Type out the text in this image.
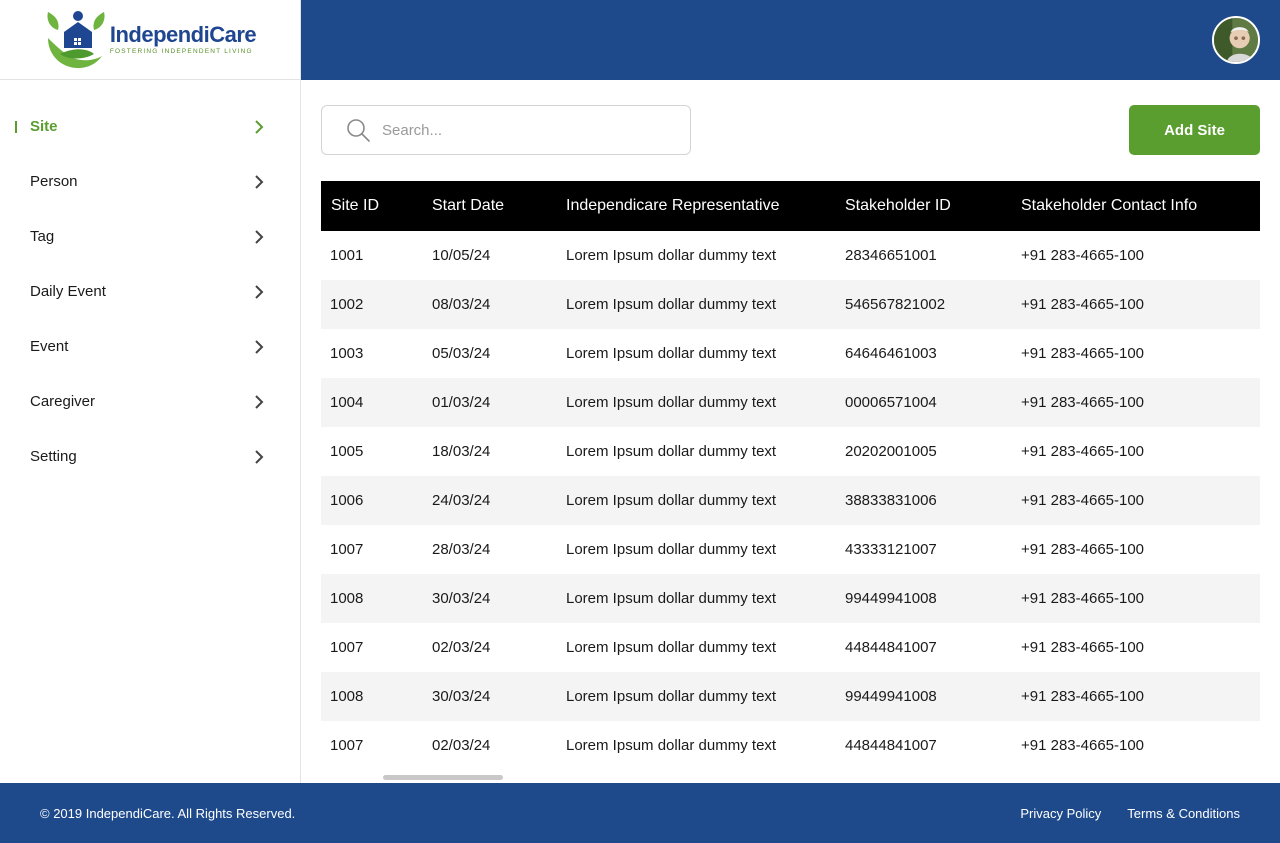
IndependiCare
FOSTERING INDEPENDENT LIVING
Site
Person
Tag
Daily Event
Event
Caregiver
Setting
Search...
Add Site
Site ID	Start Date	Independicare Representative	Stakeholder ID	Stakeholder Contact Info
1001	10/05/24	Lorem Ipsum dollar dummy text	28346651001	+91 283-4665-100
1002	08/03/24	Lorem Ipsum dollar dummy text	546567821002	+91 283-4665-100
1003	05/03/24	Lorem Ipsum dollar dummy text	64646461003	+91 283-4665-100
1004	01/03/24	Lorem Ipsum dollar dummy text	00006571004	+91 283-4665-100
1005	18/03/24	Lorem Ipsum dollar dummy text	20202001005	+91 283-4665-100
1006	24/03/24	Lorem Ipsum dollar dummy text	38833831006	+91 283-4665-100
1007	28/03/24	Lorem Ipsum dollar dummy text	43333121007	+91 283-4665-100
1008	30/03/24	Lorem Ipsum dollar dummy text	99449941008	+91 283-4665-100
1007	02/03/24	Lorem Ipsum dollar dummy text	44844841007	+91 283-4665-100
1008	30/03/24	Lorem Ipsum dollar dummy text	99449941008	+91 283-4665-100
1007	02/03/24	Lorem Ipsum dollar dummy text	44844841007	+91 283-4665-100
© 2019 IndependiCare. All Rights Reserved.	Privacy Policy Terms & Conditions
